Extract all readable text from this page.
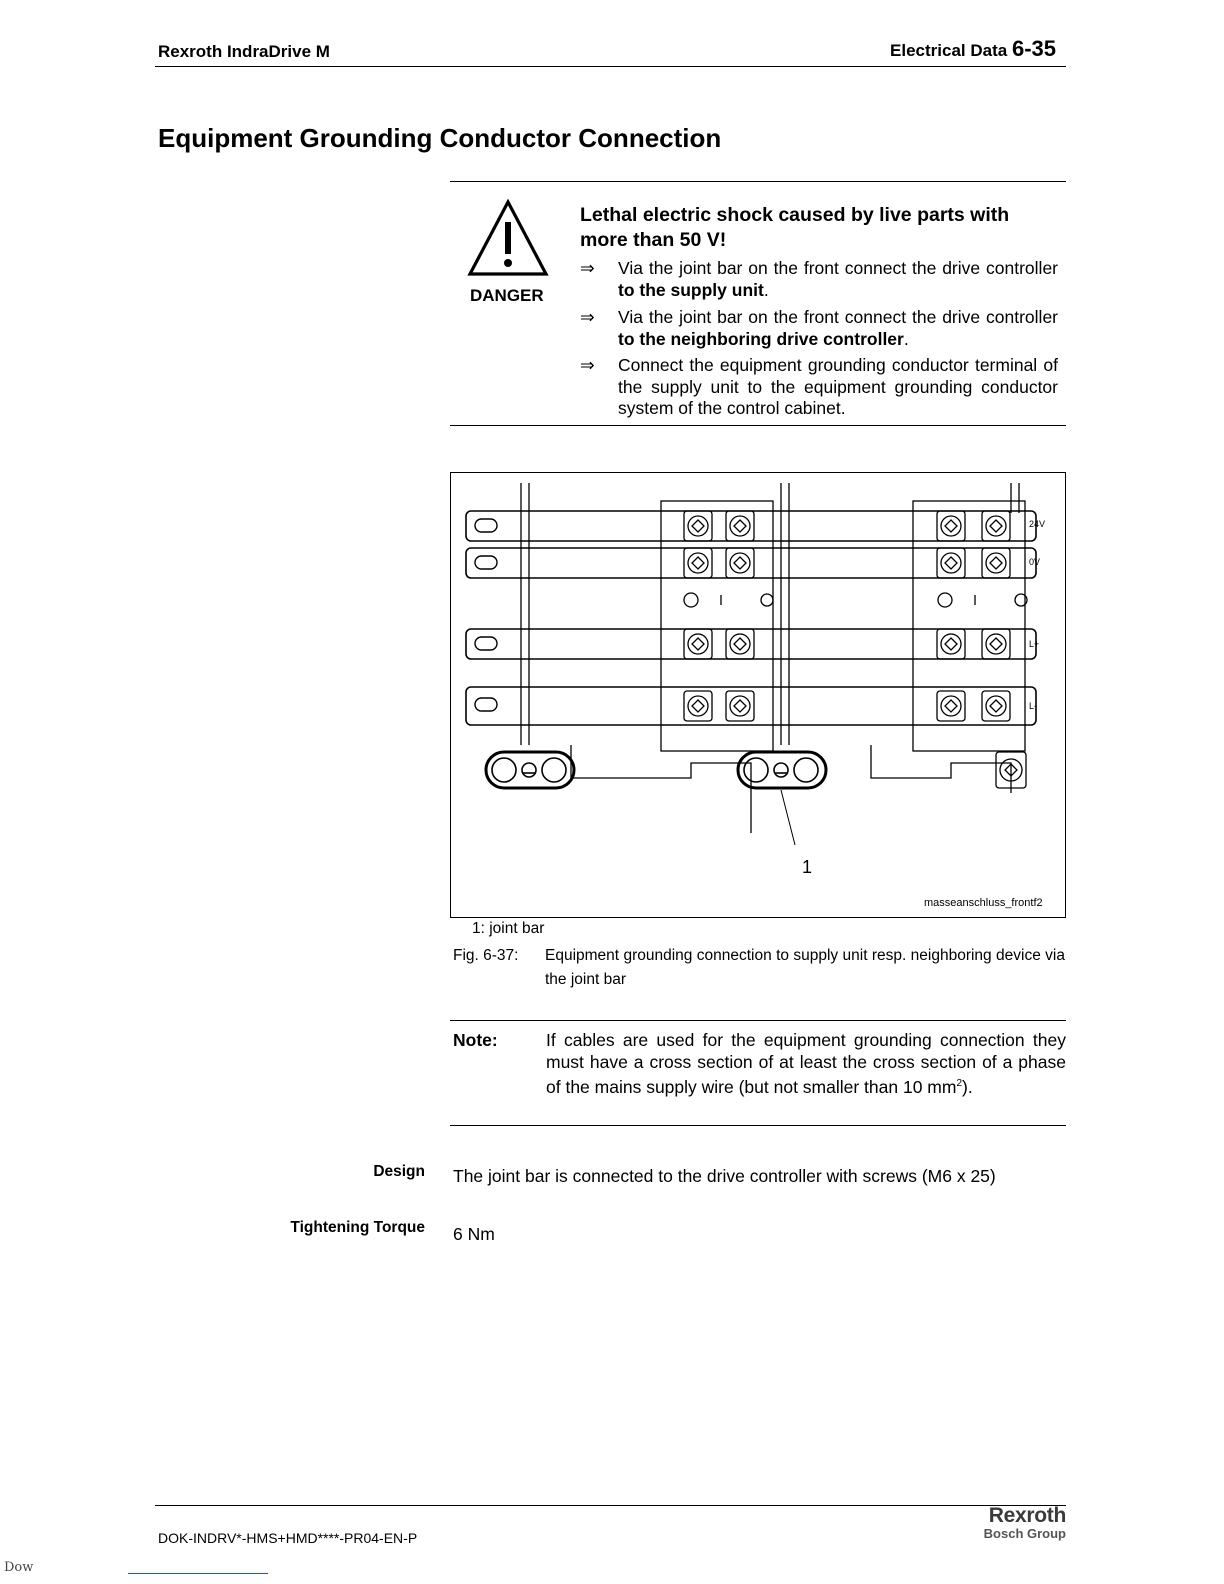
Rexroth IndraDrive M	Electrical Data 6-35
Equipment Grounding Conductor Connection
DANGER
Lethal electric shock caused by live parts with more than 50 V!
⇒ Via the joint bar on the front connect the drive controller to the supply unit.
⇒ Via the joint bar on the front connect the drive controller to the neighboring drive controller.
⇒ Connect the equipment grounding conductor terminal of the supply unit to the equipment grounding conductor system of the control cabinet.
24V
0V
L+
L-
1
masseanschluss_frontf2
1: joint bar
Fig. 6-37: Equipment grounding connection to supply unit resp. neighboring device via the joint bar
Note:	If cables are used for the equipment grounding connection they must have a cross section of at least the cross section of a phase of the mains supply wire (but not smaller than 10 $mm^2$).
Design The joint bar is connected to the drive controller with screws (M6 x 25)
Tightening Torque 6 Nm
DOK-INDRV*-HMS+HMD****-PR04-EN-P
Rexroth
Bosch Group
Dow
